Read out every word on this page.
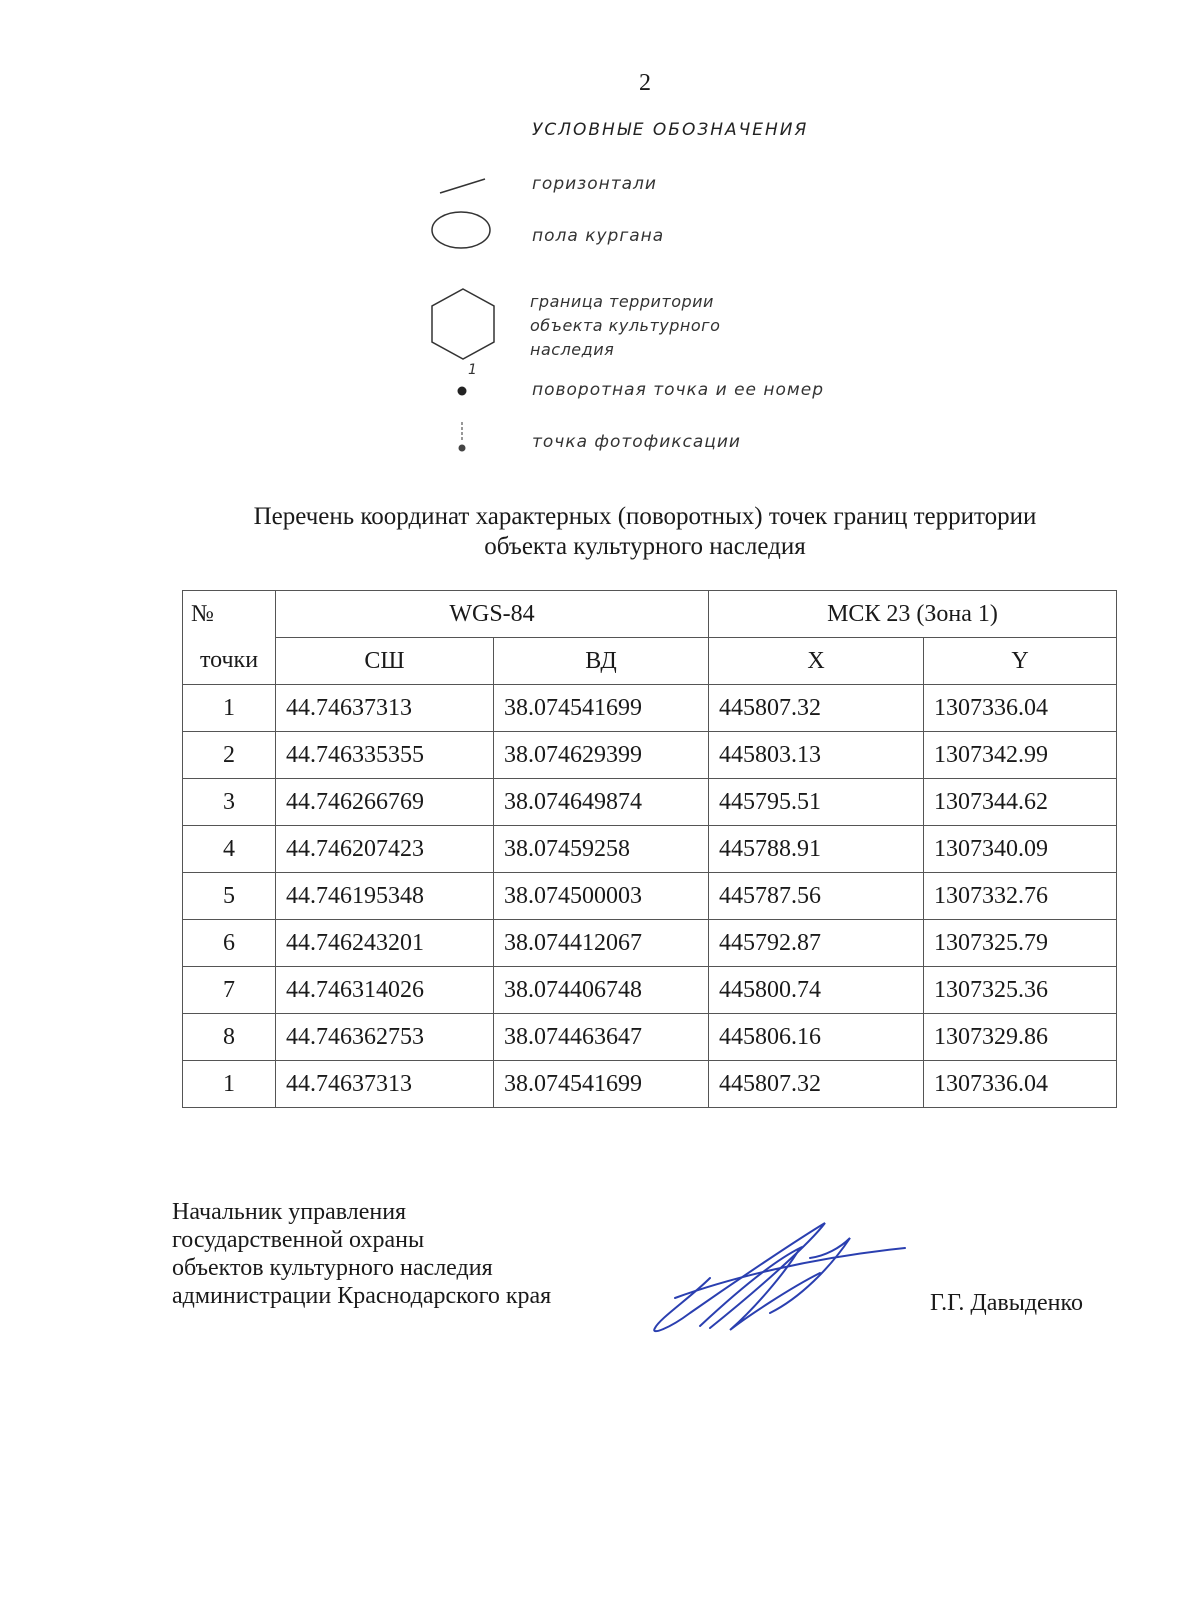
2
УСЛОВНЫЕ ОБОЗНАЧЕНИЯ
горизонтали
пола кургана
граница территории
объекта культурного
наследия
1
поворотная точка и ее номер
точка фотофиксации
Перечень координат характерных (поворотных) точек границ территории
объекта культурного наследия
№	WGS-84		МСК 23 (Зона 1)	
точки	СШ	ВД	X	Y
1	44.74637313	38.074541699	445807.32	1307336.04
2	44.746335355	38.074629399	445803.13	1307342.99
3	44.746266769	38.074649874	445795.51	1307344.62
4	44.746207423	38.07459258	445788.91	1307340.09
5	44.746195348	38.074500003	445787.56	1307332.76
6	44.746243201	38.074412067	445792.87	1307325.79
7	44.746314026	38.074406748	445800.74	1307325.36
8	44.746362753	38.074463647	445806.16	1307329.86
1	44.74637313	38.074541699	445807.32	1307336.04
Начальник управления
государственной охраны
объектов культурного наследия
администрации Краснодарского края	Г.Г. Давыденко
